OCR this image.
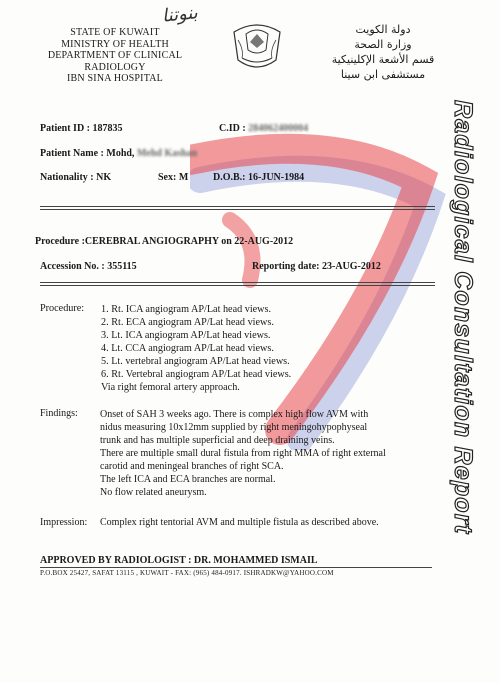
بنوتنا
STATE OF KUWAIT
MINISTRY OF HEALTH
DEPARTMENT OF CLINICAL
RADIOLOGY
IBN SINA HOSPITAL
دولة الكويت
وزارة الصحة
قسم الأشعة الإكلينيكية
مستشفى ابن سينا
Radiological Consultation Report
Patient ID : 187835	C.ID : 284062400004
Patient Name : Mohd, Mehd Kashan
Nationality : NK	Sex: M D.O.B.: 16-JUN-1984
Procedure :CEREBRAL ANGIOGRAPHY on 22-AUG-2012
Accession No. : 355115	Reporting date: 23-AUG-2012
Procedure: 1. Rt. ICA angiogram AP/Lat head views.
2. Rt. ECA angiogram AP/Lat head views.
3. Lt. ICA angiogram AP/Lat head views.
4. Lt. CCA angiogram AP/Lat head views.
5. Lt. vertebral angiogram AP/Lat head views.
6. Rt. Vertebral angiogram AP/Lat head views.
Via right femoral artery approach.
Findings: Onset of SAH 3 weeks ago. There is complex high flow AVM with
nidus measuring 10x12mm supplied by right meningohypophyseal
trunk and has multiple superficial and deep draining veins.
There are multiple small dural fistula from right MMA of right external
carotid and meningeal branches of right SCA.
The left ICA and ECA branches are normal.
No flow related aneurysm.
Impression: Complex right tentorial AVM and multiple fistula as described above.
APPROVED BY RADIOLOGIST : DR. MOHAMMED ISMAIL
P.O.BOX 25427, SAFAT 13115 , KUWAIT - FAX: (965) 484-0917. ISHRADKW@YAHOO.COM
